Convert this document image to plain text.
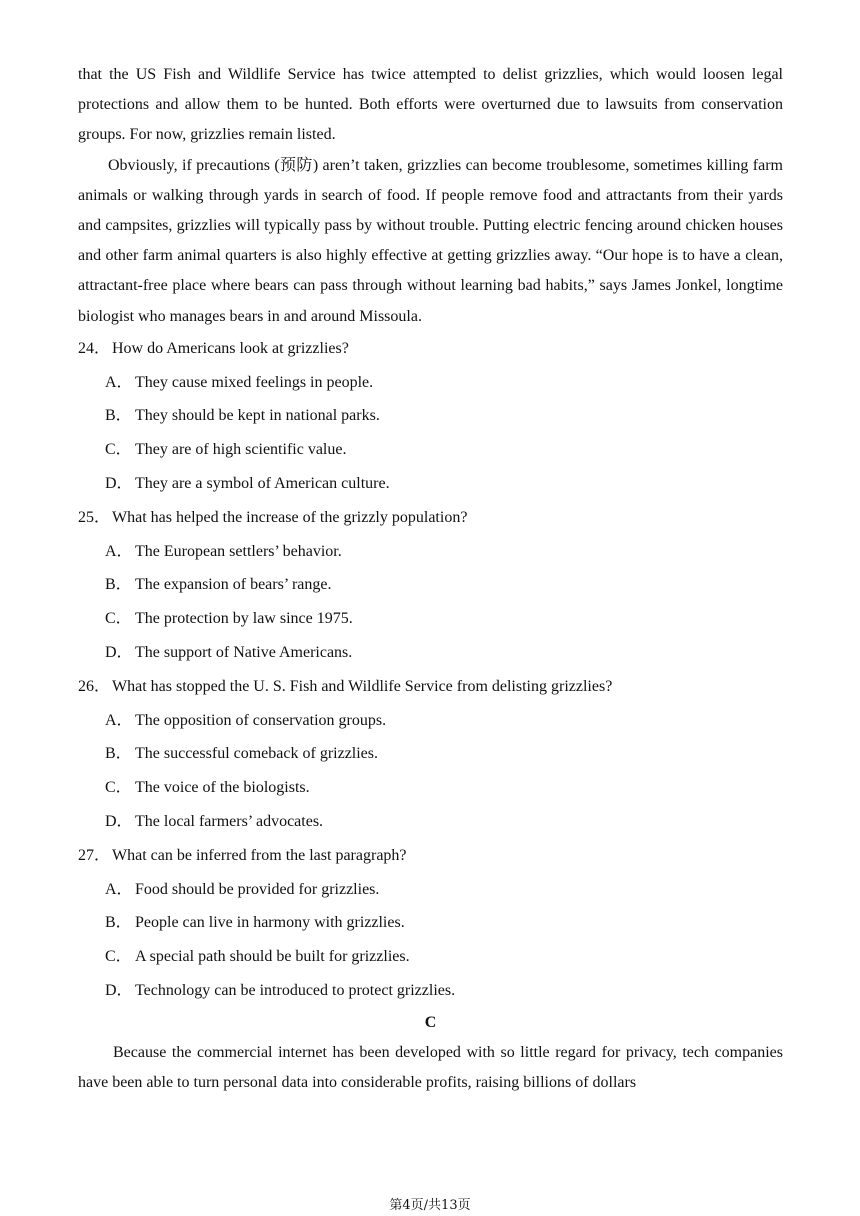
that the US Fish and Wildlife Service has twice attempted to delist grizzlies, which would loosen legal protections and allow them to be hunted. Both efforts were overturned due to lawsuits from conservation groups. For now, grizzlies remain listed.

Obviously, if precautions (预防) aren’t taken, grizzlies can become troublesome, sometimes killing farm animals or walking through yards in search of food. If people remove food and attractants from their yards and campsites, grizzlies will typically pass by without trouble. Putting electric fencing around chicken houses and other farm animal quarters is also highly effective at getting grizzlies away. “Our hope is to have a clean, attractant-free place where bears can pass through without learning bad habits,” says James Jonkel, longtime biologist who manages bears in and around Missoula.

24． How do Americans look at grizzlies?
A． They cause mixed feelings in people.
B． They should be kept in national parks.
C． They are of high scientific value.
D． They are a symbol of American culture.
25． What has helped the increase of the grizzly population?
A． The European settlers’ behavior.
B． The expansion of bears’ range.
C． The protection by law since 1975.
D． The support of Native Americans.
26． What has stopped the U. S. Fish and Wildlife Service from delisting grizzlies?
A． The opposition of conservation groups.
B． The successful comeback of grizzlies.
C． The voice of the biologists.
D． The local farmers’ advocates.
27． What can be inferred from the last paragraph?
A． Food should be provided for grizzlies.
B． People can live in harmony with grizzlies.
C． A special path should be built for grizzlies.
D． Technology can be introduced to protect grizzlies.
C

Because the commercial internet has been developed with so little regard for privacy, tech companies have been able to turn personal data into considerable profits, raising billions of dollars

第4页/共13页
